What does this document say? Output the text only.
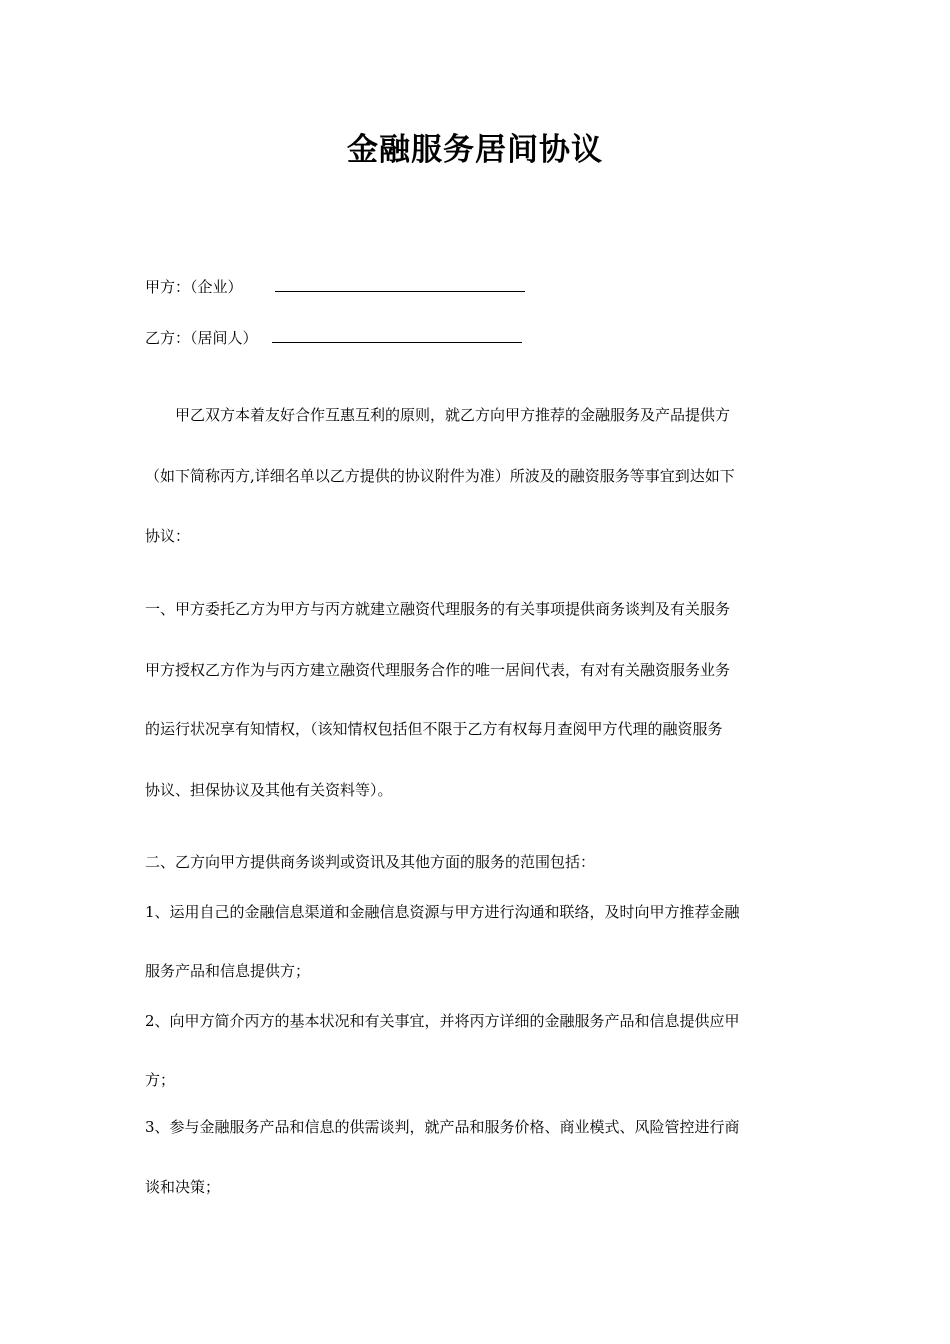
金融服务居间协议
甲方：（企业）
乙方：（居间人）
　　甲乙双方本着友好合作互惠互利的原则，就乙方向甲方推荐的金融服务及产品提供方
（如下简称丙方,详细名单以乙方提供的协议附件为准）所波及的融资服务等事宜到达如下
协议：
一、甲方委托乙方为甲方与丙方就建立融资代理服务的有关事项提供商务谈判及有关服务
甲方授权乙方作为与丙方建立融资代理服务合作的唯一居间代表，有对有关融资服务业务
的运行状况享有知情权，（该知情权包括但不限于乙方有权每月查阅甲方代理的融资服务
协议、担保协议及其他有关资料等）。
二、乙方向甲方提供商务谈判或资讯及其他方面的服务的范围包括：
1、运用自己的金融信息渠道和金融信息资源与甲方进行沟通和联络，及时向甲方推荐金融
服务产品和信息提供方；
2、向甲方简介丙方的基本状况和有关事宜，并将丙方详细的金融服务产品和信息提供应甲
方；
3、参与金融服务产品和信息的供需谈判，就产品和服务价格、商业模式、风险管控进行商
谈和决策；
